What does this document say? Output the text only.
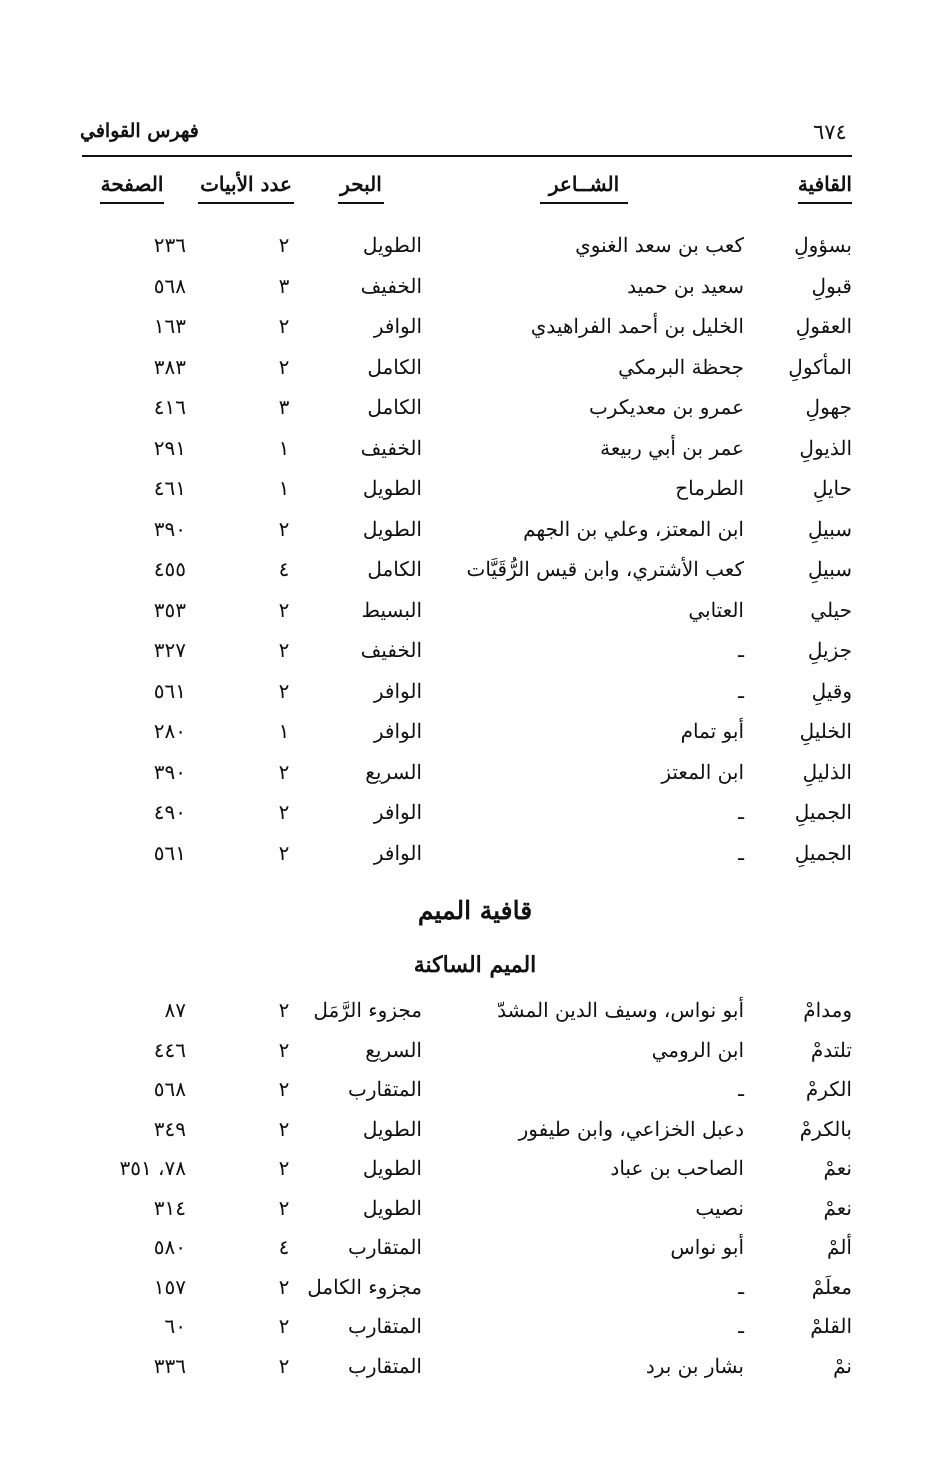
٦٧٤
فهرس القوافي
القافية
الشــاعر
البحر
عدد الأبيات
الصفحة
بسؤولِ
كعب بن سعد الغنوي
الطويل
٢
٢٣٦
قبولِ
سعيد بن حميد
الخفيف
٣
٥٦٨
العقولِ
الخليل بن أحمد الفراهيدي
الوافر
٢
١٦٣
المأكولِ
جحظة البرمكي
الكامل
٢
٣٨٣
جهولِ
عمرو بن معديكرب
الكامل
٣
٤١٦
الذيولِ
عمر بن أبي ربيعة
الخفيف
١
٢٩١
حايلِ
الطرماح
الطويل
١
٤٦١
سبيلِ
ابن المعتز، وعلي بن الجهم
الطويل
٢
٣٩٠
سبيلِ
كعب الأشتري، وابن قيس الرُّقَيَّات
الكامل
٤
٤٥٥
حيلي
العتابي
البسيط
٢
٣٥٣
جزيلِ
ـ
الخفيف
٢
٣٢٧
وقيلِ
ـ
الوافر
٢
٥٦١
الخليلِ
أبو تمام
الوافر
١
٢٨٠
الذليلِ
ابن المعتز
السريع
٢
٣٩٠
الجميلِ
ـ
الوافر
٢
٤٩٠
الجميلِ
ـ
الوافر
٢
٥٦١
قافية الميم
الميم الساكنة
ومدامْ
أبو نواس، وسيف الدين المشدّ
مجزوء الرَّمَل
٢
٨٧
تلتدمْ
ابن الرومي
السريع
٢
٤٤٦
الكرمْ
ـ
المتقارب
٢
٥٦٨
بالكرمْ
دعبل الخزاعي، وابن طيفور
الطويل
٢
٣٤٩
نعمْ
الصاحب بن عباد
الطويل
٢
٧٨، ٣٥١
نعمْ
نصيب
الطويل
٢
٣١٤
ألمْ
أبو نواس
المتقارب
٤
٥٨٠
معلَمْ
ـ
مجزوء الكامل
٢
١٥٧
القلمْ
ـ
المتقارب
٢
٦٠
نمْ
بشار بن برد
المتقارب
٢
٣٣٦
